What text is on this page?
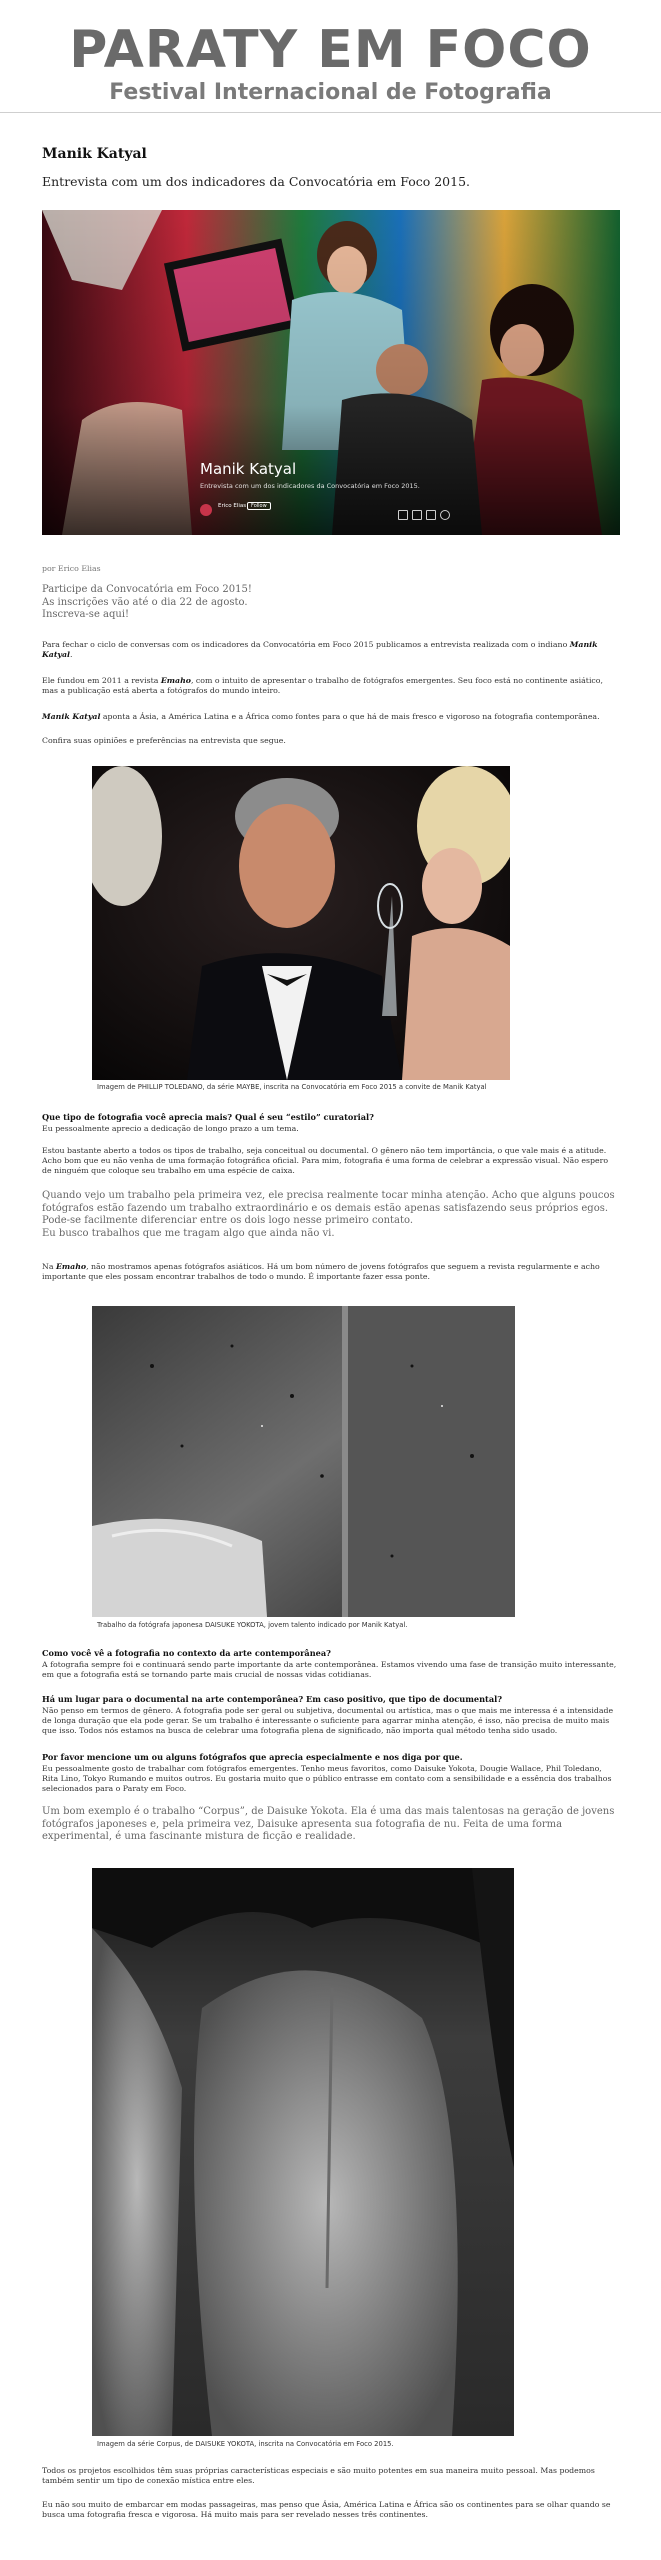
PARATY EM FOCO
Festival Internacional de Fotografia
Manik Katyal
Entrevista com um dos indicadores da Convocatória em Foco 2015.
Manik Katyal
Entrevista com um dos indicadores da Convocatória em Foco 2015.
Erico Elias Follow
por Erico Elias
Participe da Convocatória em Foco 2015!
As inscrições vão até o dia 22 de agosto.
Inscreva-se aqui!

Para fechar o ciclo de conversas com os indicadores da Convocatória em Foco 2015 publicamos a entrevista realizada com o indiano Manik Katyal.

Ele fundou em 2011 a revista Emaho, com o intuito de apresentar o trabalho de fotógrafos emergentes. Seu foco está no continente asiático, mas a publicação está aberta a fotógrafos do mundo inteiro.

Manik Katyal aponta a Ásia, a América Latina e a África como fontes para o que há de mais fresco e vigoroso na fotografia contemporânea.

Confira suas opiniões e preferências na entrevista que segue.
Imagem de PHILLIP TOLEDANO, da série MAYBE, inscrita na Convocatória em Foco 2015 a convite de Manik Katyal
Que tipo de fotografia você aprecia mais? Qual é seu “estilo” curatorial?
Eu pessoalmente aprecio a dedicação de longo prazo a um tema.
Estou bastante aberto a todos os tipos de trabalho, seja conceitual ou documental. O gênero não tem importância, o que vale mais é a atitude. Acho bom que eu não venha de uma formação fotográfica oficial. Para mim, fotografia é uma forma de celebrar a expressão visual. Não espero de ninguém que coloque seu trabalho em uma espécie de caixa.
Quando vejo um trabalho pela primeira vez, ele precisa realmente tocar minha atenção. Acho que alguns poucos fotógrafos estão fazendo um trabalho extraordinário e os demais estão apenas satisfazendo seus próprios egos.
Pode-se facilmente diferenciar entre os dois logo nesse primeiro contato.
Eu busco trabalhos que me tragam algo que ainda não vi.

Na Emaho, não mostramos apenas fotógrafos asiáticos. Há um bom número de jovens fotógrafos que seguem a revista regularmente e acho importante que eles possam encontrar trabalhos de todo o mundo. É importante fazer essa ponte.

Trabalho da fotógrafa japonesa DAISUKE YOKOTA, jovem talento indicado por Manik Katyal.
Como você vê a fotografia no contexto da arte contemporânea?
A fotografia sempre foi e continuará sendo parte importante da arte contemporânea. Estamos vivendo uma fase de transição muito interessante, em que a fotografia está se tornando parte mais crucial de nossas vidas cotidianas.
Há um lugar para o documental na arte contemporânea? Em caso positivo, que tipo de documental?
Não penso em termos de gênero. A fotografia pode ser geral ou subjetiva, documental ou artística, mas o que mais me interessa é a intensidade de longa duração que ela pode gerar. Se um trabalho é interessante o suficiente para agarrar minha atenção, é isso, não precisa de muito mais que isso. Todos nós estamos na busca de celebrar uma fotografia plena de significado, não importa qual método tenha sido usado.
Por favor mencione um ou alguns fotógrafos que aprecia especialmente e nos diga por que.
Eu pessoalmente gosto de trabalhar com fotógrafos emergentes. Tenho meus favoritos, como Daisuke Yokota, Dougie Wallace, Phil Toledano, Rita Lino, Tokyo Rumando e muitos outros. Eu gostaria muito que o público entrasse em contato com a sensibilidade e a essência dos trabalhos selecionados para o Paraty em Foco.
Um bom exemplo é o trabalho “Corpus”, de Daisuke Yokota. Ela é uma das mais talentosas na geração de jovens fotógrafos japoneses e, pela primeira vez, Daisuke apresenta sua fotografia de nu. Feita de uma forma experimental, é uma fascinante mistura de ficção e realidade.
Imagem da série Corpus, de DAISUKE YOKOTA, inscrita na Convocatória em Foco 2015.
Todos os projetos escolhidos têm suas próprias características especiais e são muito potentes em sua maneira muito pessoal. Mas podemos também sentir um tipo de conexão mística entre eles.
Eu não sou muito de embarcar em modas passageiras, mas penso que Ásia, América Latina e África são os continentes para se olhar quando se busca uma fotografia fresca e vigorosa. Há muito mais para ser revelado nesses três continentes.
